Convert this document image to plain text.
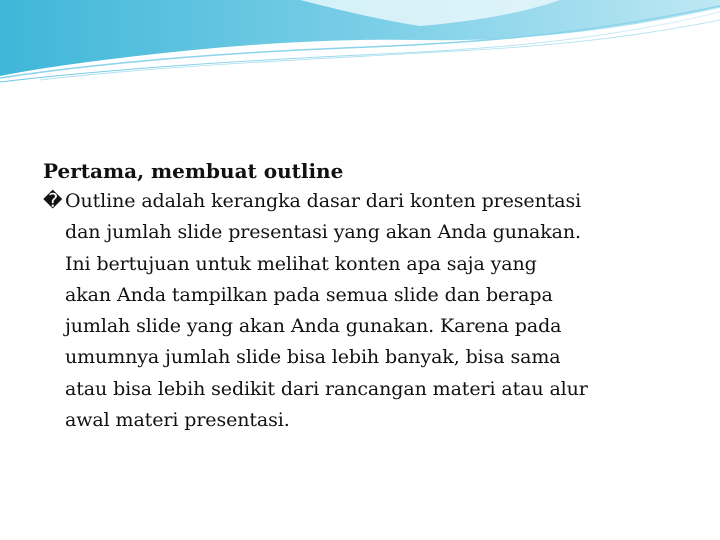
Pertama, membuat outline

� Outline adalah kerangka dasar dari konten presentasi
dan jumlah slide presentasi yang akan Anda gunakan.
Ini bertujuan untuk melihat konten apa saja yang
akan Anda tampilkan pada semua slide dan berapa
jumlah slide yang akan Anda gunakan. Karena pada
umumnya jumlah slide bisa lebih banyak, bisa sama
atau bisa lebih sedikit dari rancangan materi atau alur
awal materi presentasi.
